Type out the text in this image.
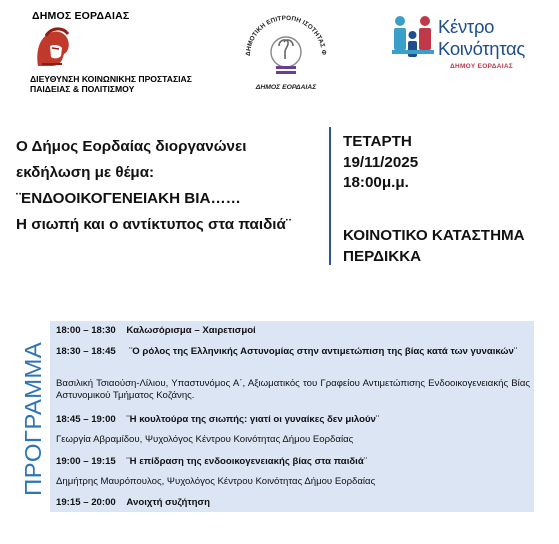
ΔΗΜΟΣ ΕΟΡΔΑΙΑΣ
ΔΙΕΥΘΥΝΣΗ ΚΟΙΝΩΝΙΚΗΣ ΠΡΟΣΤΑΣΙΑΣ
ΠΑΙΔΕΙΑΣ & ΠΟΛΙΤΙΣΜΟΥ
ΔΗΜΟΤΙΚΗ ΕΠΙΤΡΟΠΗ ΙΣΟΤΗΤΑΣ Φ
ΔΗΜΟΣ ΕΟΡΔΑΙΑΣ
Κέντρο
Κοινότητας
ΔΗΜΟΥ ΕΟΡΔΑΙΑΣ
Ο Δήμος Εορδαίας διοργανώνει
εκδήλωση με θέμα:
¨ΕΝΔΟΟΙΚΟΓΕΝΕΙΑΚΗ ΒΙΑ……
Η σιωπή και ο αντίκτυπος στα παιδιά¨
ΤΕΤΑΡΤΗ
19/11/2025
18:00μ.μ.
ΚΟΙΝΟΤΙΚΟ ΚΑΤΑΣΤΗΜΑ
ΠΕΡΔΙΚΚΑ
ΠΡΟΓΡΑΜΜΑ
18:00 – 18:30 Καλωσόρισμα – Χαιρετισμοί
18:30 – 18:45 ¨Ο ρόλος της Ελληνικής Αστυνομίας στην αντιμετώπιση της βίας κατά των γυναικών¨
Βασιλική Τσιαούση-Λίλιου, Υπαστυνόμος Α΄, Αξιωματικός του Γραφείου Αντιμετώπισης Ενδοοικογενειακής Βίας Αστυνομικού Τμήματος Κοζάνης.
18:45 – 19:00 ¨Η κουλτούρα της σιωπής: γιατί οι γυναίκες δεν μιλούν¨
Γεωργία Αβραμίδου, Ψυχολόγος Κέντρου Κοινότητας Δήμου Εορδαίας
19:00 – 19:15 ¨Η επίδραση της ενδοοικογενειακής βίας στα παιδιά¨
Δημήτρης Μαυρόπουλος, Ψυχολόγος Κέντρου Κοινότητας Δήμου Εορδαίας
19:15 – 20:00 Ανοιχτή συζήτηση
